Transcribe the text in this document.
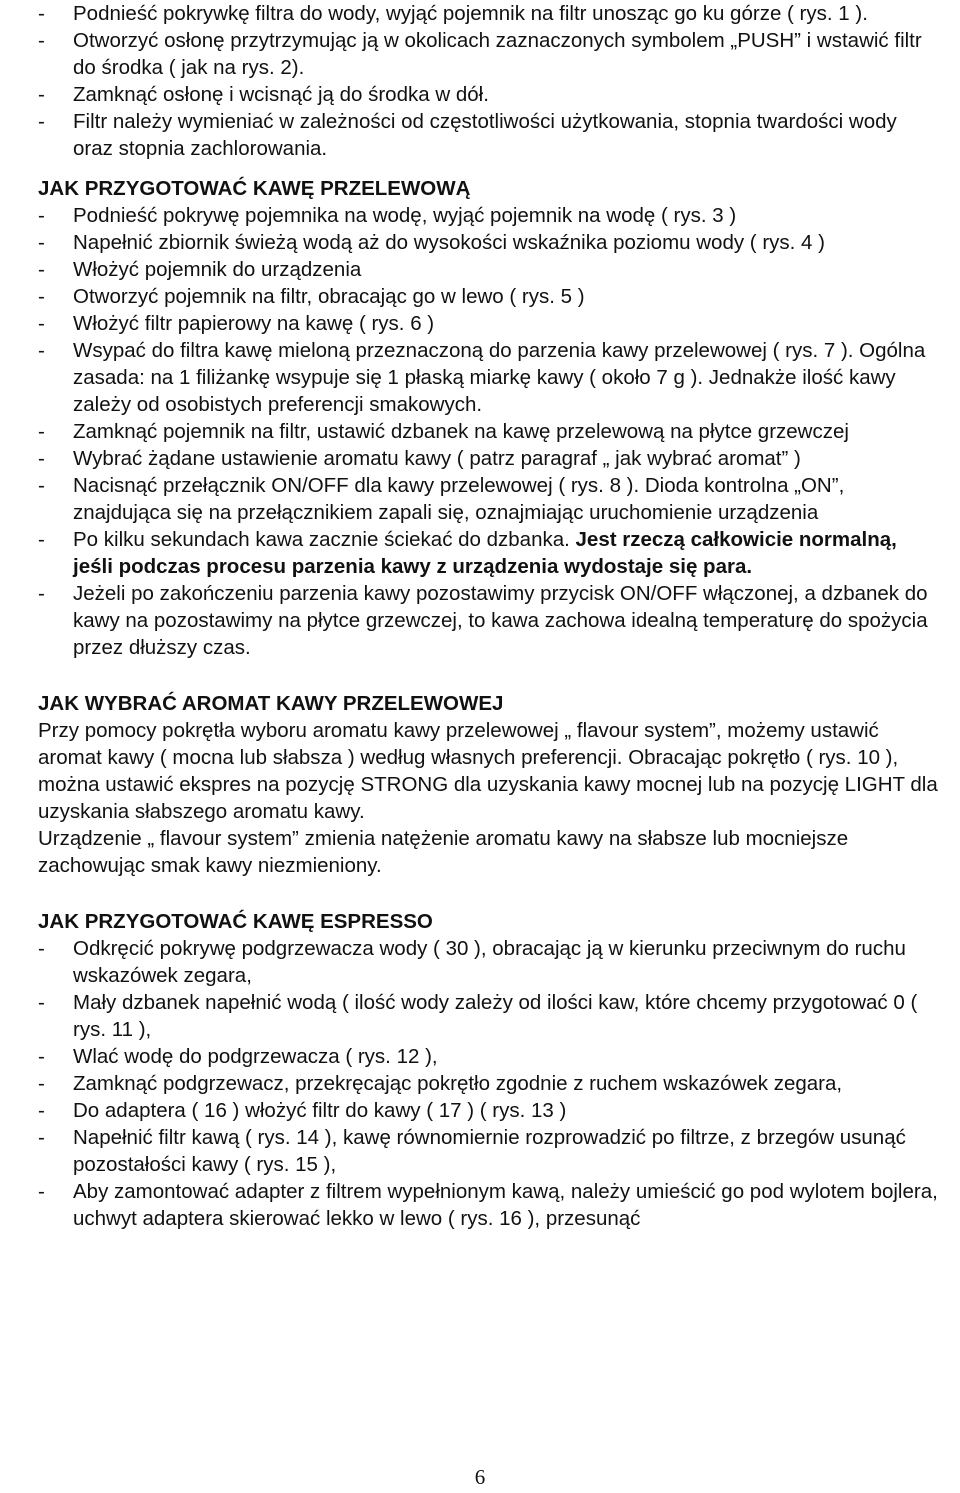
- Podnieść pokrywkę filtra do wody, wyjąć pojemnik na filtr unosząc go ku górze ( rys. 1 ).
- Otworzyć osłonę przytrzymując ją w okolicach zaznaczonych symbolem „PUSH” i wstawić filtr do środka ( jak na rys. 2).
- Zamknąć osłonę i wcisnąć ją do środka w dół.
- Filtr należy wymieniać w zależności od częstotliwości użytkowania, stopnia twardości wody oraz stopnia zachlorowania.
JAK PRZYGOTOWAĆ KAWĘ PRZELEWOWĄ
- Podnieść pokrywę pojemnika na wodę, wyjąć pojemnik na wodę ( rys. 3 )
- Napełnić zbiornik świeżą wodą aż do wysokości wskaźnika poziomu wody ( rys. 4 )
- Włożyć pojemnik do urządzenia
- Otworzyć pojemnik na filtr, obracając go w lewo ( rys. 5 )
- Włożyć filtr papierowy na kawę ( rys. 6 )
- Wsypać do filtra kawę mieloną przeznaczoną do parzenia kawy przelewowej ( rys. 7 ). Ogólna zasada: na 1 filiżankę wsypuje się 1 płaską miarkę kawy ( około 7 g ). Jednakże ilość kawy zależy od osobistych preferencji smakowych.
- Zamknąć pojemnik na filtr, ustawić dzbanek na kawę przelewową na płytce grzewczej
- Wybrać żądane ustawienie aromatu kawy ( patrz paragraf „ jak wybrać aromat” )
- Nacisnąć przełącznik ON/OFF dla kawy przelewowej ( rys. 8 ). Dioda kontrolna „ON”, znajdująca się na przełącznikiem zapali się, oznajmiając uruchomienie urządzenia
- Po kilku sekundach kawa zacznie ściekać do dzbanka. Jest rzeczą całkowicie normalną, jeśli podczas procesu parzenia kawy z urządzenia wydostaje się para.
- Jeżeli po zakończeniu parzenia kawy pozostawimy przycisk ON/OFF włączonej, a dzbanek do kawy na pozostawimy na płytce grzewczej, to kawa zachowa idealną temperaturę do spożycia przez dłuższy czas.
JAK WYBRAĆ AROMAT KAWY PRZELEWOWEJ

Przy pomocy pokrętła wyboru aromatu kawy przelewowej „ flavour system”, możemy ustawić aromat kawy ( mocna lub słabsza ) według własnych preferencji. Obracając pokrętło ( rys. 10 ), można ustawić ekspres na pozycję STRONG dla uzyskania kawy mocnej lub na pozycję LIGHT dla uzyskania słabszego aromatu kawy.

Urządzenie „ flavour system” zmienia natężenie aromatu kawy na słabsze lub mocniejsze zachowując smak kawy niezmieniony.

JAK PRZYGOTOWAĆ KAWĘ ESPRESSO
- Odkręcić pokrywę podgrzewacza wody ( 30 ), obracając ją w kierunku przeciwnym do ruchu wskazówek zegara,
- Mały dzbanek napełnić wodą ( ilość wody zależy od ilości kaw, które chcemy przygotować 0 ( rys. 11 ),
- Wlać wodę do podgrzewacza ( rys. 12 ),
- Zamknąć podgrzewacz, przekręcając pokrętło zgodnie z ruchem wskazówek zegara,
- Do adaptera ( 16 ) włożyć filtr do kawy ( 17 ) ( rys. 13 )
- Napełnić filtr kawą ( rys. 14 ), kawę równomiernie rozprowadzić po filtrze, z brzegów usunąć pozostałości kawy ( rys. 15 ),
- Aby zamontować adapter z filtrem wypełnionym kawą, należy umieścić go pod wylotem bojlera, uchwyt adaptera skierować lekko w lewo ( rys. 16 ), przesunąć
6
